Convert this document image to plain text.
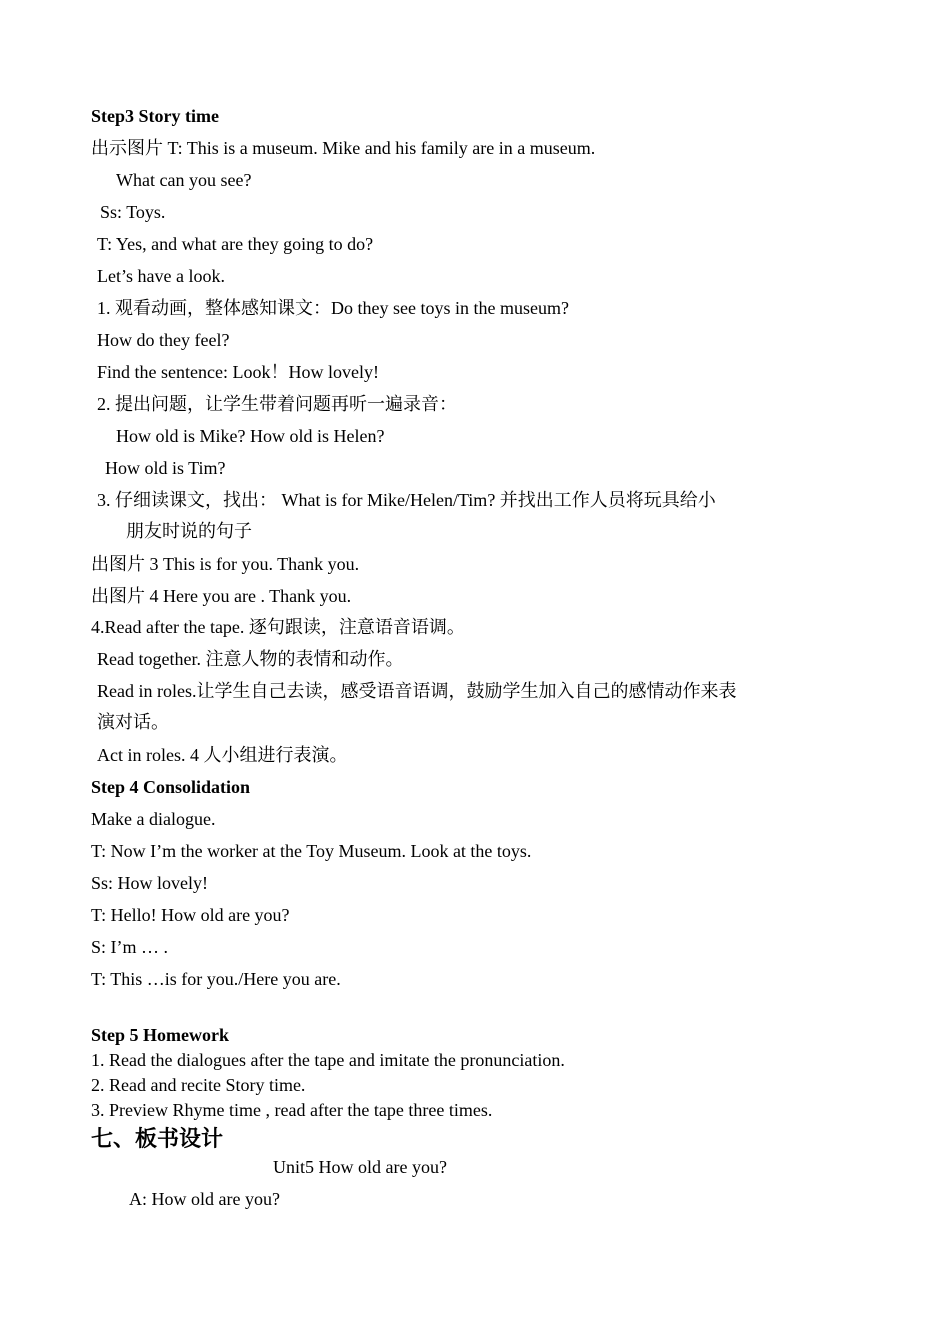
Step3 Story time
出示图片 T: This is a museum. Mike and his family are in a museum.
What can you see?
Ss: Toys.
T: Yes, and what are they going to do?
Let’s have a look.
1. 观看动画，整体感知课文：Do they see toys in the museum?
How do they feel?
Find the sentence: Look！How lovely!
2. 提出问题，让学生带着问题再听一遍录音：
How old is Mike? How old is Helen?
How old is Tim?
3. 仔细读课文，找出： What is for Mike/Helen/Tim? 并找出工作人员将玩具给小
朋友时说的句子
出图片 3 This is for you. Thank you.
出图片 4 Here you are . Thank you.
4.Read after the tape. 逐句跟读，注意语音语调。
Read together. 注意人物的表情和动作。
Read in roles.让学生自己去读，感受语音语调，鼓励学生加入自己的感情动作来表
演对话。
Act in roles. 4 人小组进行表演。
Step 4 Consolidation
Make a dialogue.
T: Now I’m the worker at the Toy Museum. Look at the toys.
Ss: How lovely!
T: Hello! How old are you?
S: I’m … .
T: This …is for you./Here you are.
Step 5 Homework
1. Read the dialogues after the tape and imitate the pronunciation.
2. Read and recite Story time.
3. Preview Rhyme time , read after the tape three times.
七、板书设计
Unit5 How old are you?
A: How old are you?
